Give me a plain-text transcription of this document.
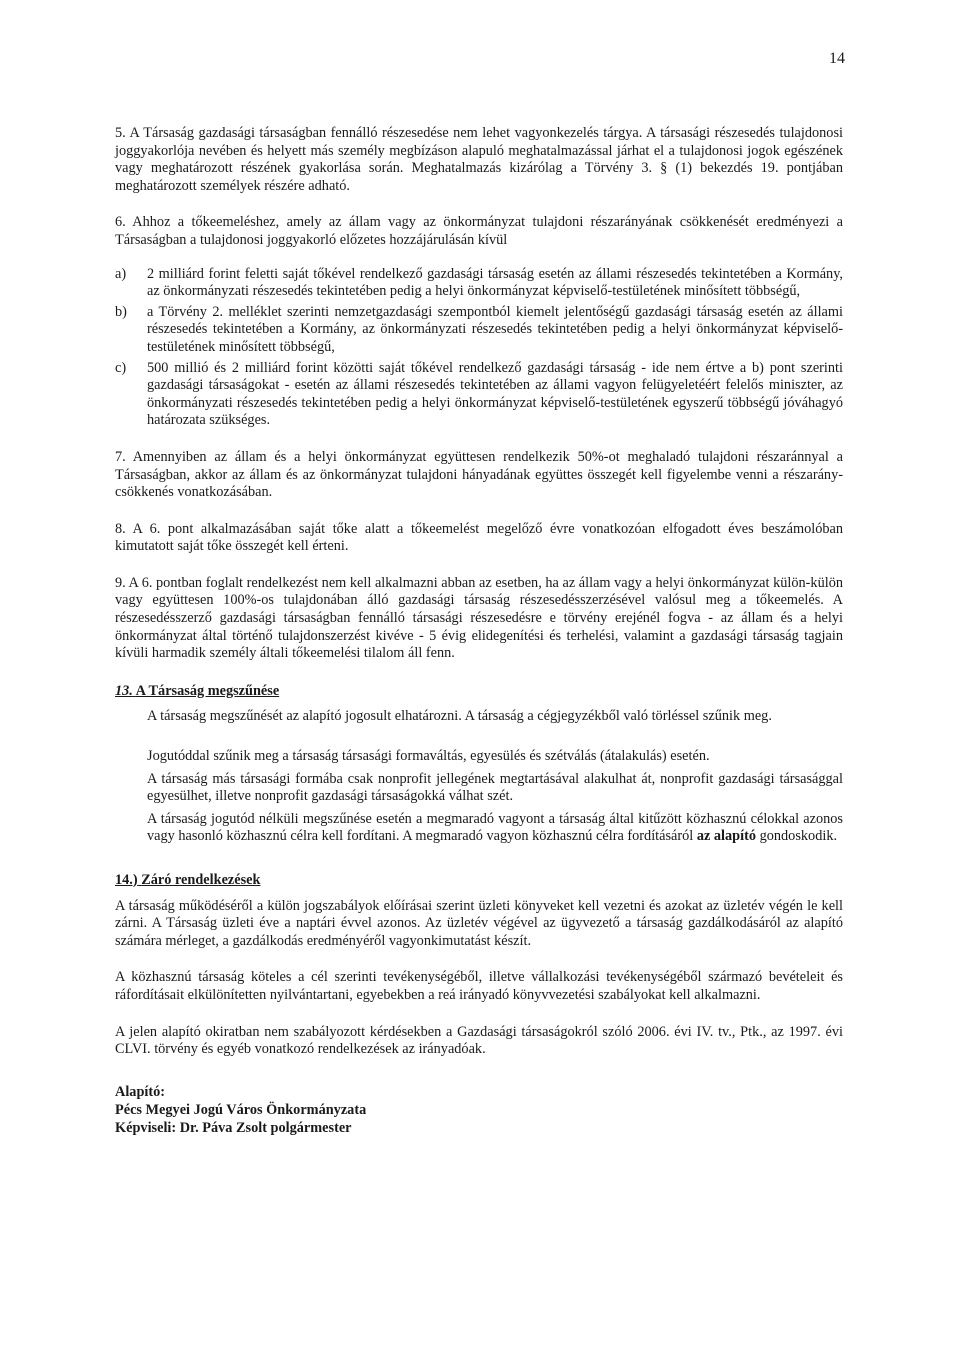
14

5. A Társaság gazdasági társaságban fennálló részesedése nem lehet vagyonkezelés tárgya. A társasági részesedés tulajdonosi joggyakorlója nevében és helyett más személy megbízáson alapuló meghatalmazással járhat el a tulajdonosi jogok egészének vagy meghatározott részének gyakorlása során. Meghatalmazás kizárólag a Törvény 3. § (1) bekezdés 19. pontjában meghatározott személyek részére adható.

6. Ahhoz a tőkeemeléshez, amely az állam vagy az önkormányzat tulajdoni részarányának csökkenését eredményezi a Társaságban a tulajdonosi joggyakorló előzetes hozzájárulásán kívül

a) 2 milliárd forint feletti saját tőkével rendelkező gazdasági társaság esetén az állami részesedés tekintetében a Kormány, az önkormányzati részesedés tekintetében pedig a helyi önkormányzat képviselő-testületének minősített többségű,
b) a Törvény 2. melléklet szerinti nemzetgazdasági szempontból kiemelt jelentőségű gazdasági társaság esetén az állami részesedés tekintetében a Kormány, az önkormányzati részesedés tekintetében pedig a helyi önkormányzat képviselő-testületének minősített többségű,
c) 500 millió és 2 milliárd forint közötti saját tőkével rendelkező gazdasági társaság - ide nem értve a b) pont szerinti gazdasági társaságokat - esetén az állami részesedés tekintetében az állami vagyon felügyeletéért felelős miniszter, az önkormányzati részesedés tekintetében pedig a helyi önkormányzat képviselő-testületének egyszerű többségű jóváhagyó határozata szükséges.

7. Amennyiben az állam és a helyi önkormányzat együttesen rendelkezik 50%-ot meghaladó tulajdoni részaránnyal a Társaságban, akkor az állam és az önkormányzat tulajdoni hányadának együttes összegét kell figyelembe venni a részarány-csökkenés vonatkozásában.

8. A 6. pont alkalmazásában saját tőke alatt a tőkeemelést megelőző évre vonatkozóan elfogadott éves beszámolóban kimutatott saját tőke összegét kell érteni.

9. A 6. pontban foglalt rendelkezést nem kell alkalmazni abban az esetben, ha az állam vagy a helyi önkormányzat külön-külön vagy együttesen 100%-os tulajdonában álló gazdasági társaság részesedésszerzésével valósul meg a tőkeemelés. A részesedésszerző gazdasági társaságban fennálló társasági részesedésre e törvény erejénél fogva - az állam és a helyi önkormányzat által történő tulajdonszerzést kivéve - 5 évig elidegenítési és terhelési, valamint a gazdasági társaság tagjain kívüli harmadik személy általi tőkeemelési tilalom áll fenn.

13. A Társaság megszűnése

A társaság megszűnését az alapító jogosult elhatározni. A társaság a cégjegyzékből való törléssel szűnik meg.

Jogutóddal szűnik meg a társaság társasági formaváltás, egyesülés és szétválás (átalakulás) esetén.

A társaság más társasági formába csak nonprofit jellegének megtartásával alakulhat át, nonprofit gazdasági társasággal egyesülhet, illetve nonprofit gazdasági társaságokká válhat szét.

A társaság jogutód nélküli megszűnése esetén a megmaradó vagyont a társaság által kitűzött közhasznú célokkal azonos vagy hasonló közhasznú célra kell fordítani. A megmaradó vagyon közhasznú célra fordításáról az alapító gondoskodik.

14.) Záró rendelkezések

A társaság működéséről a külön jogszabályok előírásai szerint üzleti könyveket kell vezetni és azokat az üzletév végén le kell zárni. A Társaság üzleti éve a naptári évvel azonos. Az üzletév végével az ügyvezető a társaság gazdálkodásáról az alapító számára mérleget, a gazdálkodás eredményéről vagyonkimutatást készít.

A közhasznú társaság köteles a cél szerinti tevékenységéből, illetve vállalkozási tevékenységéből származó bevételeit és ráfordításait elkülönítetten nyilvántartani, egyebekben a reá irányadó könyvvezetési szabályokat kell alkalmazni.

A jelen alapító okiratban nem szabályozott kérdésekben a Gazdasági társaságokról szóló 2006. évi IV. tv., Ptk., az 1997. évi CLVI. törvény és egyéb vonatkozó rendelkezések az irányadóak.

Alapító:
Pécs Megyei Jogú Város Önkormányzata
Képviseli: Dr. Páva Zsolt polgármester
